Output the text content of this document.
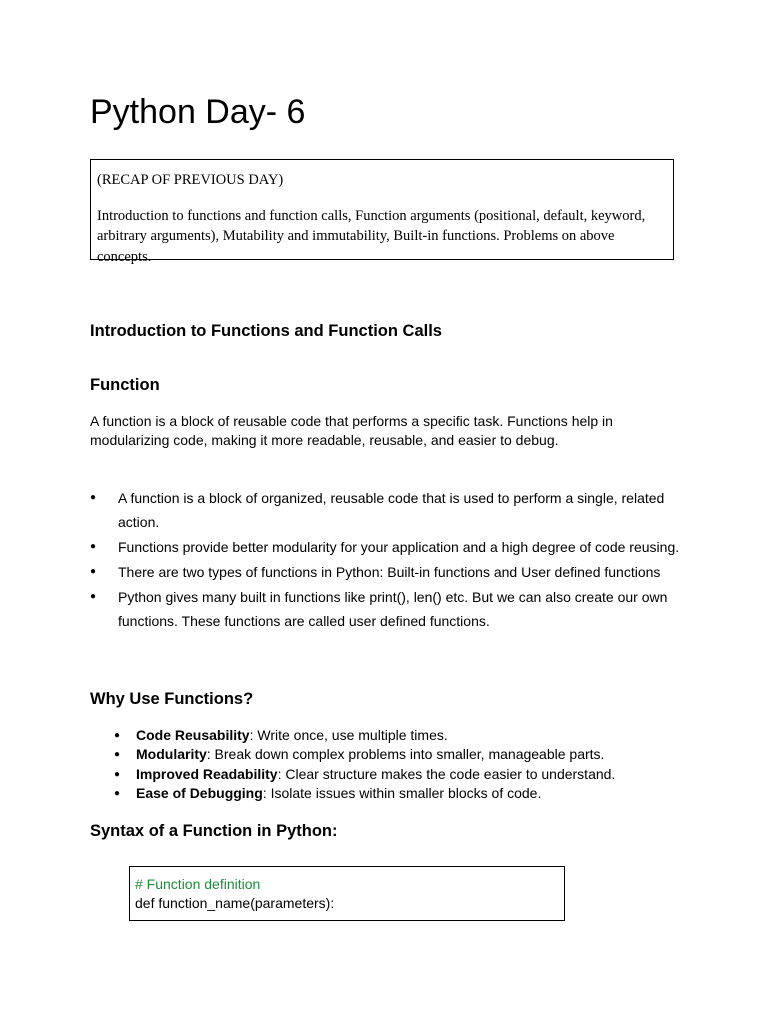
Python Day- 6

(RECAP OF PREVIOUS DAY)

Introduction to functions and function calls, Function arguments (positional, default, keyword, arbitrary arguments), Mutability and immutability, Built-in functions. Problems on above concepts.

Introduction to Functions and Function Calls
Function

A function is a block of reusable code that performs a specific task. Functions help in modularizing code, making it more readable, reusable, and easier to debug.

● A function is a block of organized, reusable code that is used to perform a single, related action.
● Functions provide better modularity for your application and a high degree of code reusing.
● There are two types of functions in Python: Built-in functions and User defined functions
● Python gives many built in functions like print(), len() etc. But we can also create our own functions. These functions are called user defined functions.
Why Use Functions?
● Code Reusability: Write once, use multiple times.
● Modularity: Break down complex problems into smaller, manageable parts.
● Improved Readability: Clear structure makes the code easier to understand.
● Ease of Debugging: Isolate issues within smaller blocks of code.
Syntax of a Function in Python:
# Function definition
def function_name(parameters):
